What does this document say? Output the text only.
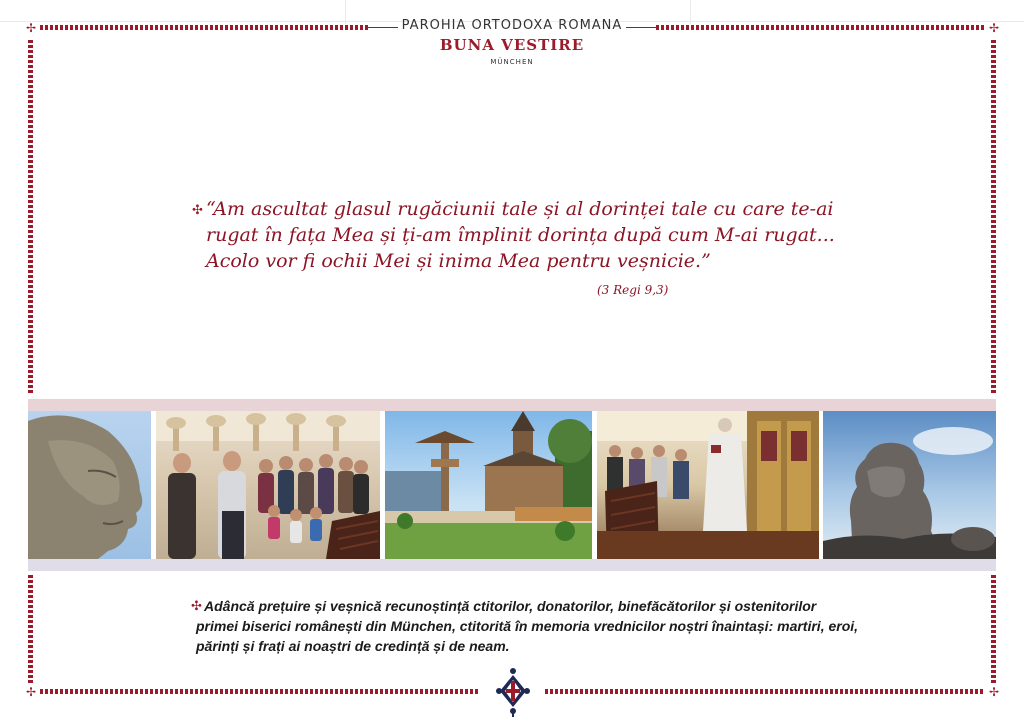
✢	✢
PAROHIA ORTODOXA ROMANA
BUNA VESTIRE
MÜNCHEN
✣ “Am ascultat glasul rugăciunii tale și al dorinței tale cu care te-ai
rugat în fața Mea și ți-am împlinit dorința după cum M-ai rugat...
Acolo vor fi ochii Mei și inima Mea pentru veșnicie.”
(3 Regi 9,3)
✢	✢
✣ Adâncă prețuire și veșnică recunoștință ctitorilor, donatorilor, binefăcătorilor și ostenitorilor
primei biserici românești din München, ctitorită în memoria vrednicilor noștri înaintași: martiri, eroi,
părinți și frați ai noaștri de credință și de neam.
